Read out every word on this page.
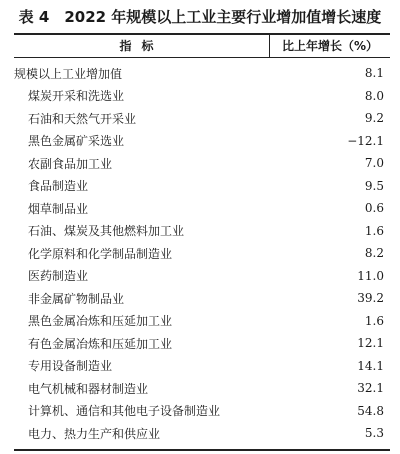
表 4　2022 年规模以上工业主要行业增加值增长速度
指标	比上年增长（%）
规模以上工业增加值	8.1
煤炭开采和洗选业	8.0
石油和天然气开采业	9.2
黑色金属矿采选业	−12.1
农副食品加工业	7.0
食品制造业	9.5
烟草制品业	0.6
石油、煤炭及其他燃料加工业	1.6
化学原料和化学制品制造业	8.2
医药制造业	11.0
非金属矿物制品业	39.2
黑色金属冶炼和压延加工业	1.6
有色金属冶炼和压延加工业	12.1
专用设备制造业	14.1
电气机械和器材制造业	32.1
计算机、通信和其他电子设备制造业	54.8
电力、热力生产和供应业	5.3
